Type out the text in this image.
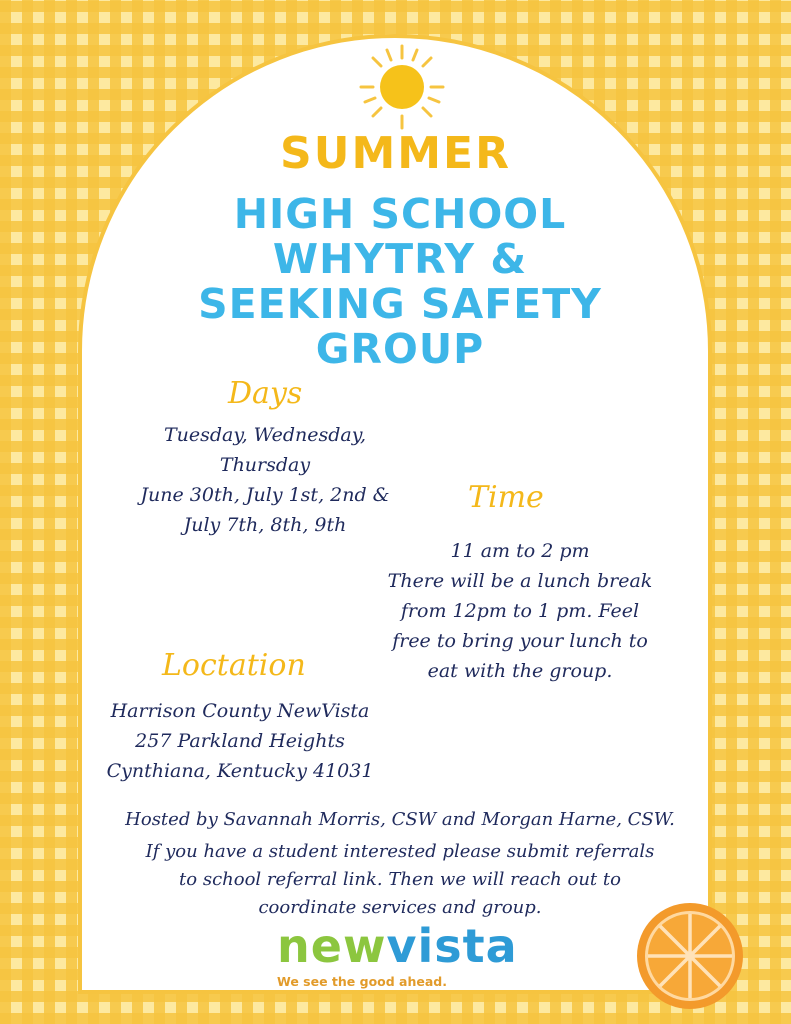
SUMMER
HIGH SCHOOL
WHYTRY &
SEEKING SAFETY
GROUP
Days
Tuesday, Wednesday,
Thursday
June 30th, July 1st, 2nd &
July 7th, 8th, 9th
Time
11 am to 2 pm
There will be a lunch break
from 12pm to 1 pm. Feel
free to bring your lunch to
eat with the group.
Loctation
Harrison County NewVista
257 Parkland Heights
Cynthiana, Kentucky 41031
Hosted by Savannah Morris, CSW and Morgan Harne, CSW.
If you have a student interested please submit referrals
to school referral link. Then we will reach out to
coordinate services and group.
newvista
We see the good ahead.
